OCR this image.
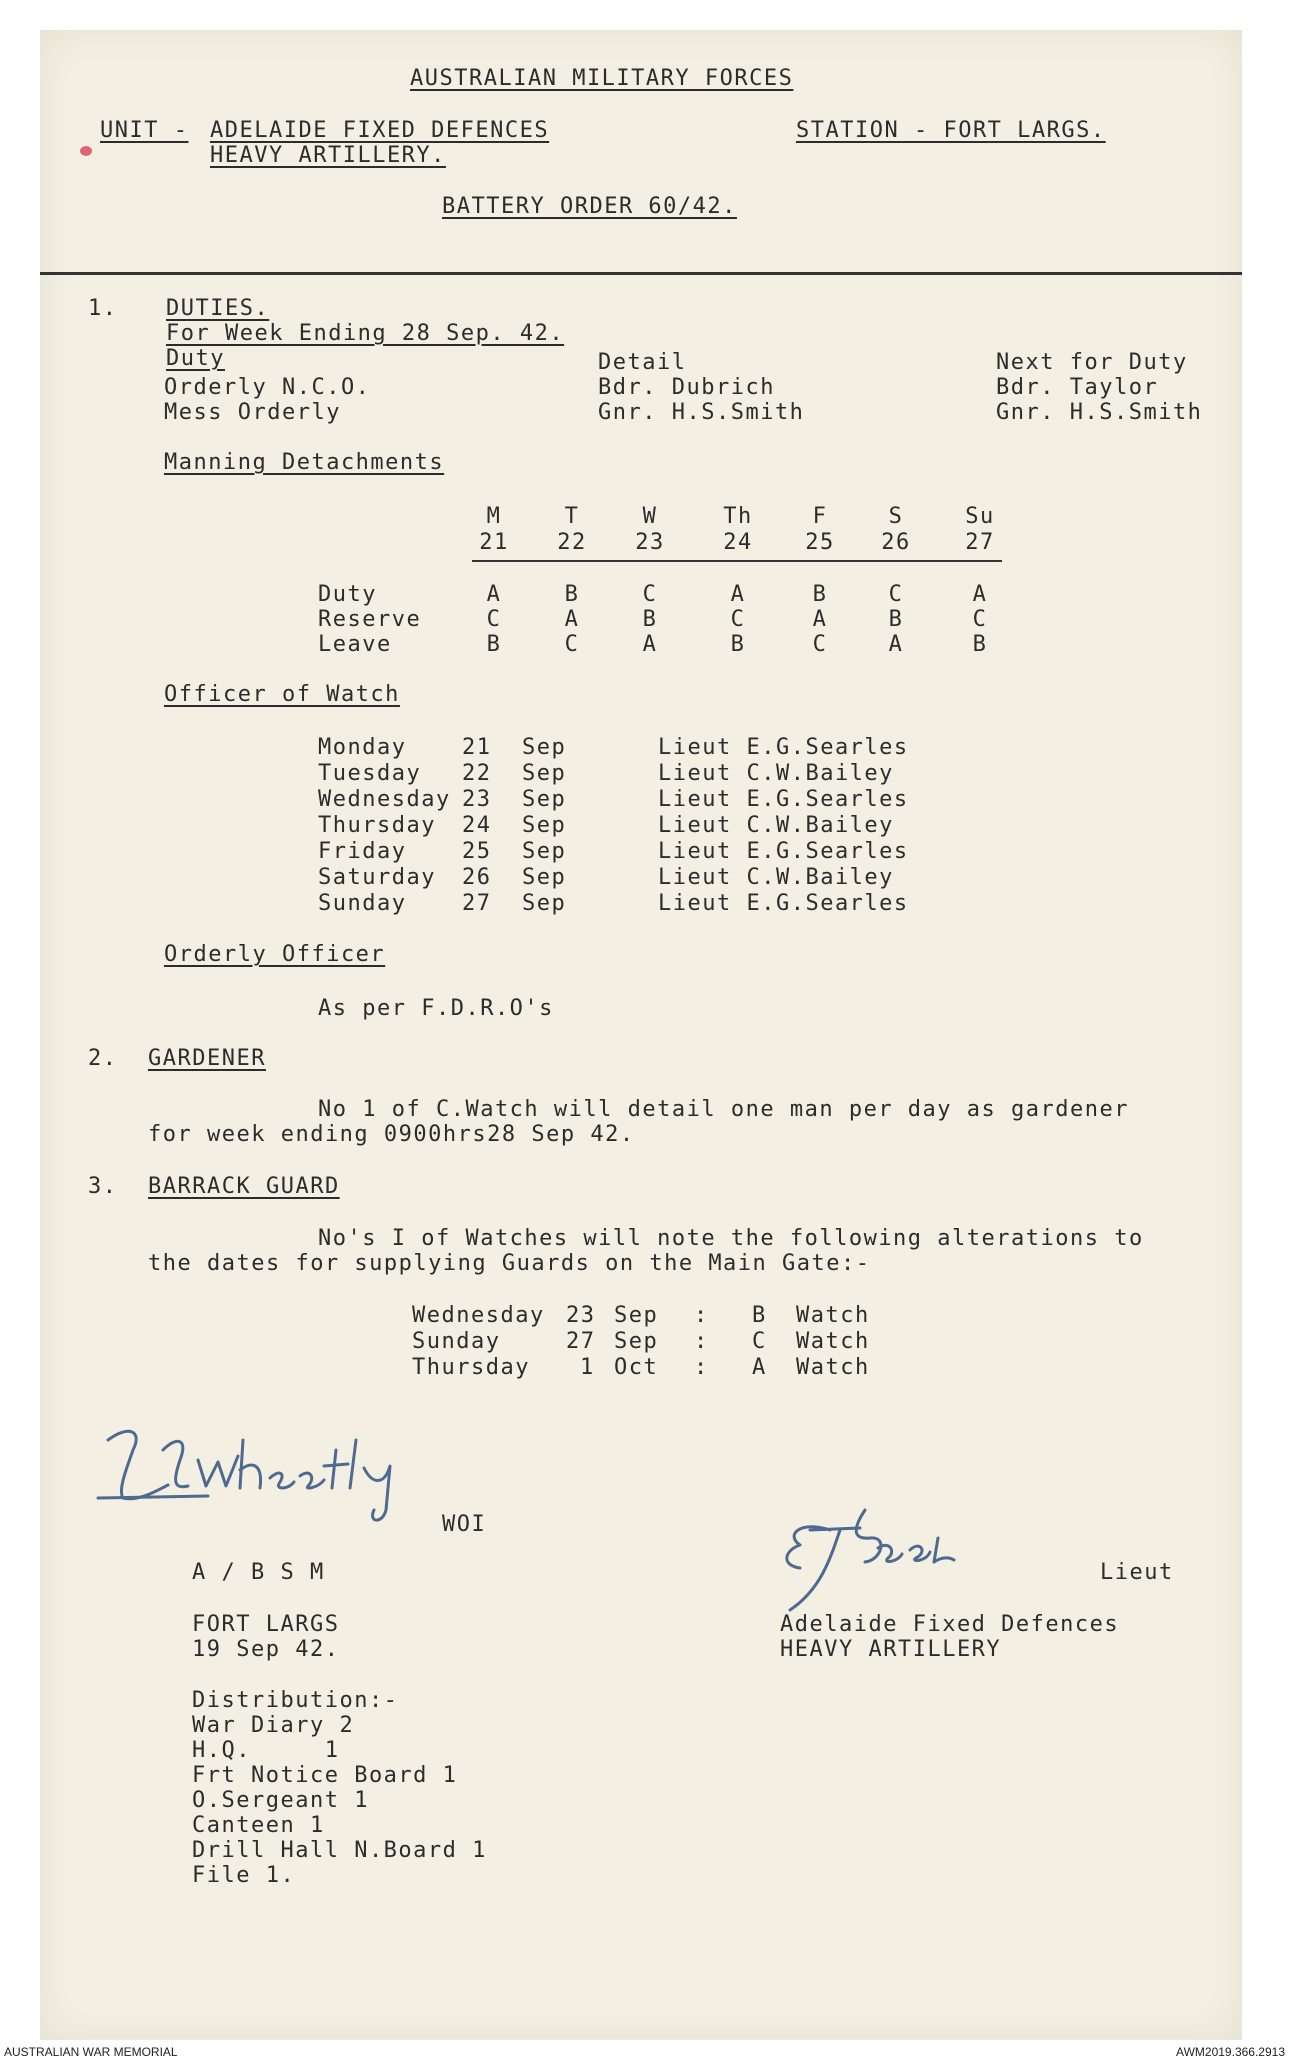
AUSTRALIAN MILITARY FORCES
UNIT - ADELAIDE FIXED DEFENCES
HEAVY ARTILLERY.
STATION - FORT LARGS.
BATTERY ORDER 60/42.
1. DUTIES.
For Week Ending 28 Sep. 42.
Duty	Detail	Next for Duty
Orderly N.C.O.	Bdr. Dubrich	Bdr. Taylor
Mess Orderly	Gnr. H.S.Smith	Gnr. H.S.Smith
Manning Detachments
M	T	W	Th	F	S	Su
21 22 23	24 25 26 27
Duty	A	B	C	A	B	C	A
Reserve	C	A	B	C	A	B	C
Leave	B	C	A	B	C	A	B
Officer of Watch
Monday	21 Sep	Lieut E.G.Searles
Tuesday 22 Sep	Lieut C.W.Bailey
Wednesday 23 Sep	Lieut E.G.Searles
Thursday 24 Sep	Lieut C.W.Bailey
Friday	25 Sep	Lieut E.G.Searles
Saturday 26 Sep	Lieut C.W.Bailey
Sunday	27 Sep	Lieut E.G.Searles
Orderly Officer
As per F.D.R.O's
2. GARDENER
No 1 of C.Watch will detail one man per day as gardener
for week ending 0900hrs28 Sep 42.
3. BARRACK GUARD
No's I of Watches will note the following alterations to
the dates for supplying Guards on the Main Gate:-
Wednesday 23 Sep : B Watch
Sunday	27 Sep : C Watch
Thursday 1 Oct : A Watch
WOI
A / B S M
FORT LARGS
19 Sep 42.
Lieut
Adelaide Fixed Defences
HEAVY ARTILLERY
Distribution:-
War Diary 2
H.Q.     1
Frt Notice Board 1
O.Sergeant 1
Canteen 1
Drill Hall N.Board 1
File 1.
AUSTRALIAN WAR MEMORIAL	AWM2019.366.2913
